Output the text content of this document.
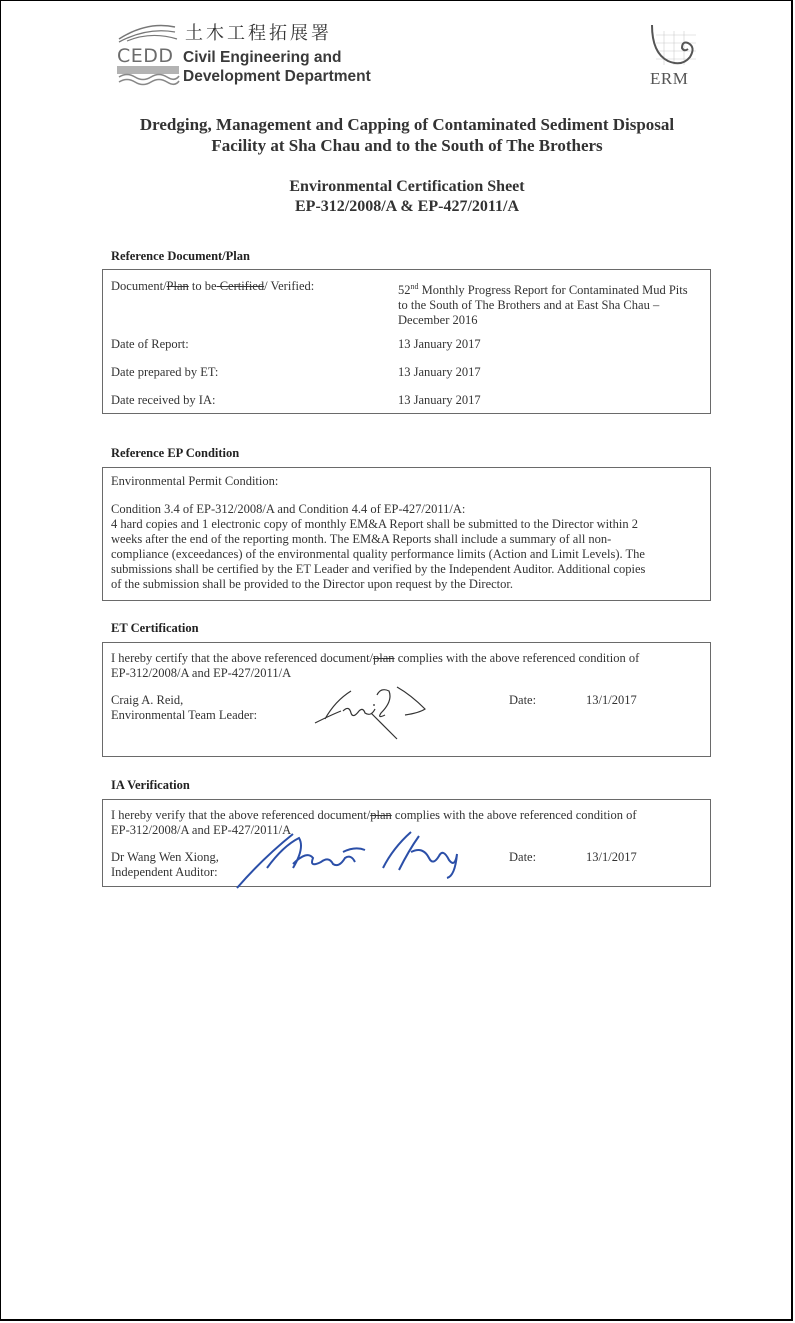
CEDD
土木工程拓展署
Civil Engineering and
Development Department	ERM
Dredging, Management and Capping of Contaminated Sediment Disposal
Facility at Sha Chau and to the South of The Brothers
Environmental Certification Sheet
EP-312/2008/A & EP-427/2011/A
Reference Document/Plan
Document/Plan to be Certified/ Verified:	52nd Monthly Progress Report for Contaminated Mud Pits
to the South of The Brothers and at East Sha Chau –
December 2016
Date of Report:	13 January 2017
Date prepared by ET:	13 January 2017
Date received by IA:	13 January 2017
Reference EP Condition
Environmental Permit Condition:
Condition 3.4 of EP-312/2008/A and Condition 4.4 of EP-427/2011/A:
4 hard copies and 1 electronic copy of monthly EM&A Report shall be submitted to the Director within 2
weeks after the end of the reporting month. The EM&A Reports shall include a summary of all non-
compliance (exceedances) of the environmental quality performance limits (Action and Limit Levels). The
submissions shall be certified by the ET Leader and verified by the Independent Auditor. Additional copies
of the submission shall be provided to the Director upon request by the Director.
ET Certification
I hereby certify that the above referenced document/plan complies with the above referenced condition of
EP-312/2008/A and EP-427/2011/A
Craig A. Reid,
Environmental Team Leader:
Date:	13/1/2017
IA Verification
I hereby verify that the above referenced document/plan complies with the above referenced condition of
EP-312/2008/A and EP-427/2011/A
Dr Wang Wen Xiong,
Independent Auditor:
Date:	13/1/2017
